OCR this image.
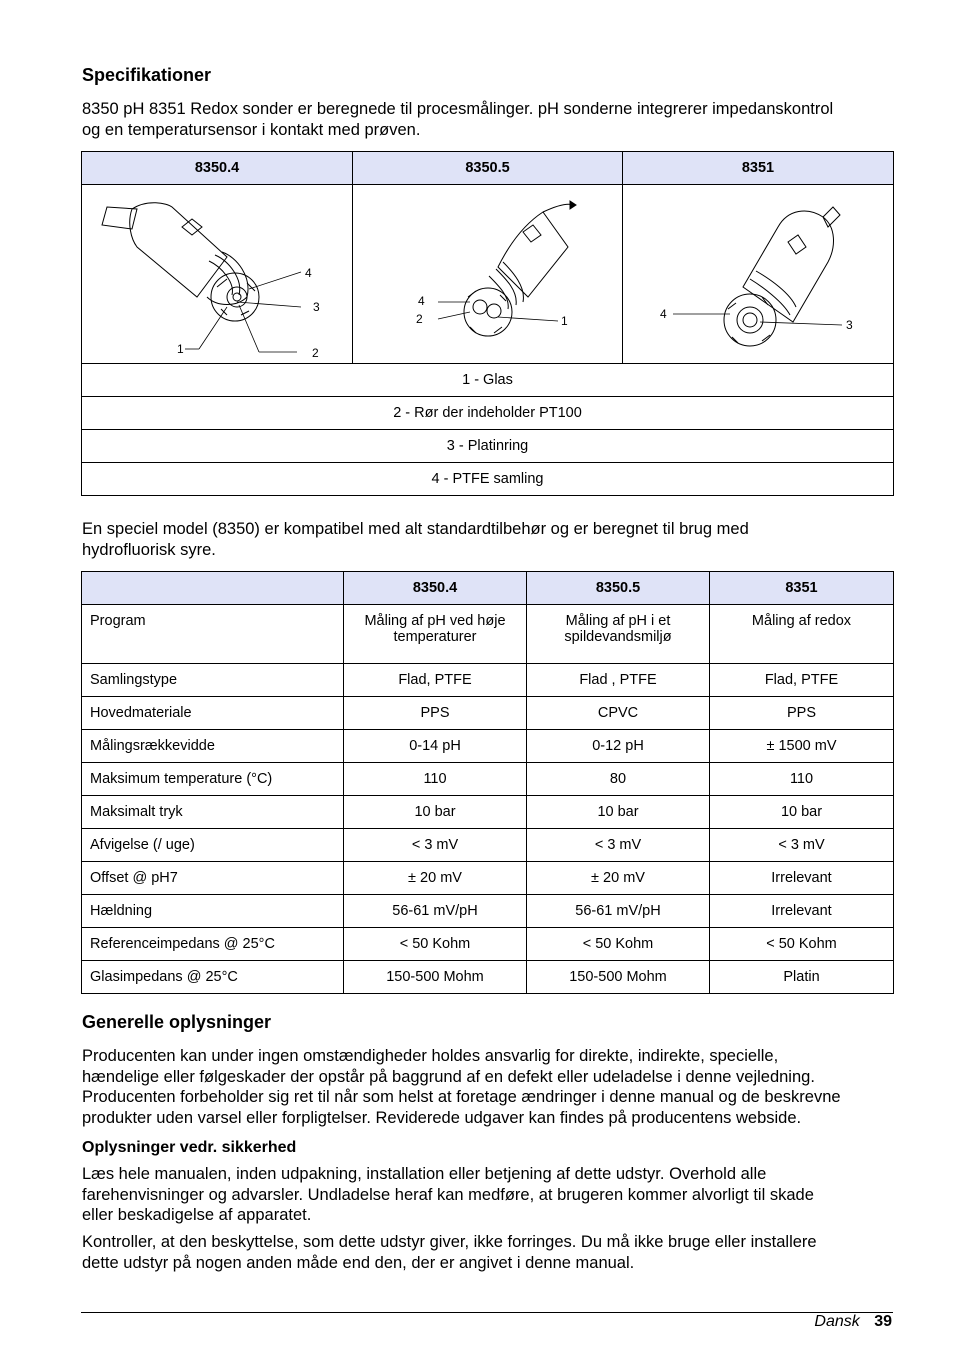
Specifikationer
8350 pH 8351 Redox sonder er beregnede til procesmålinger. pH sonderne integrerer impedanskontrol
og en temperatursensor i kontakt med prøven.
8350.4	8350.5	8351

4
3
1 2	4
2 1	4
3

1 - Glas		
2 - Rør der indeholder PT100		
3 - Platinring		
4 - PTFE samling		
En speciel model (8350) er kompatibel med alt standardtilbehør og er beregnet til brug med
hydrofluorisk syre.
	8350.4	8350.5	8351
Program	Måling af pH ved høje temperaturer	Måling af pH i et spildevandsmiljø	Måling af redox
Samlingstype	Flad, PTFE	Flad , PTFE	Flad, PTFE
Hovedmateriale	PPS	CPVC	PPS
Målingsrækkevidde	0-14 pH	0-12 pH	± 1500 mV
Maksimum temperature (°C)	110	80	110
Maksimalt tryk	10 bar	10 bar	10 bar
Afvigelse (/ uge)	< 3 mV	< 3 mV	< 3 mV
Offset @ pH7	± 20 mV	± 20 mV	Irrelevant
Hældning	56-61 mV/pH	56-61 mV/pH	Irrelevant
Referenceimpedans @ 25°C	< 50 Kohm	< 50 Kohm	< 50 Kohm
Glasimpedans @ 25°C	150-500 Mohm	150-500 Mohm	Platin
Generelle oplysninger
Producenten kan under ingen omstændigheder holdes ansvarlig for direkte, indirekte, specielle,
hændelige eller følgeskader der opstår på baggrund af en defekt eller udeladelse i denne vejledning.
Producenten forbeholder sig ret til når som helst at foretage ændringer i denne manual og de beskrevne
produkter uden varsel eller forpligtelser. Reviderede udgaver kan findes på producentens webside.
Oplysninger vedr. sikkerhed
Læs hele manualen, inden udpakning, installation eller betjening af dette udstyr. Overhold alle
farehenvisninger og advarsler. Undladelse heraf kan medføre, at brugeren kommer alvorligt til skade
eller beskadigelse af apparatet.
Kontroller, at den beskyttelse, som dette udstyr giver, ikke forringes. Du må ikke bruge eller installere
dette udstyr på nogen anden måde end den, der er angivet i denne manual.
Dansk 39
